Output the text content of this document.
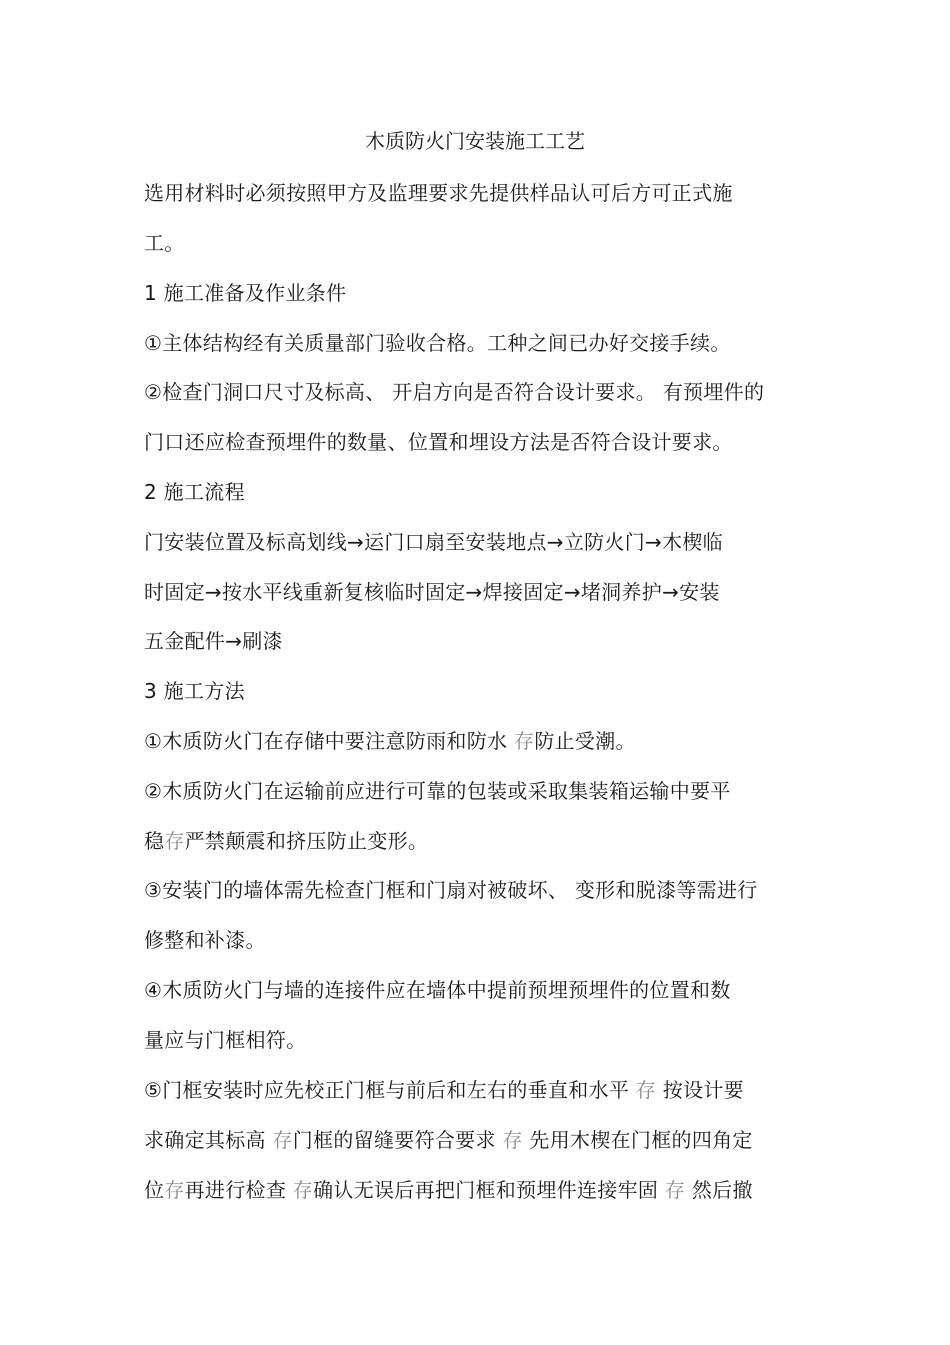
木质防火门安装施工工艺
选用材料时必须按照甲方及监理要求先提供样品认可后方可正式施
工。
1 施工准备及作业条件
①主体结构经有关质量部门验收合格。工种之间已办好交接手续。
②检查门洞口尺寸及标高、 开启方向是否符合设计要求。 有预埋件的
门口还应检查预埋件的数量、位置和埋设方法是否符合设计要求。
2 施工流程
门安装位置及标高划线→运门口扇至安装地点→立防火门→木楔临
时固定→按水平线重新复核临时固定→焊接固定→堵洞养护→安装
五金配件→刷漆
3 施工方法
①木质防火门在存储中要注意防雨和防水 存防止受潮。
②木质防火门在运输前应进行可靠的包装或采取集装箱运输中要平
稳存严禁颠震和挤压防止变形。
③安装门的墙体需先检查门框和门扇对被破坏、 变形和脱漆等需进行
修整和补漆。
④木质防火门与墙的连接件应在墙体中提前预埋预埋件的位置和数
量应与门框相符。
⑤门框安装时应先校正门框与前后和左右的垂直和水平 存 按设计要
求确定其标高 存门框的留缝要符合要求 存 先用木楔在门框的四角定
位存再进行检查 存确认无误后再把门框和预埋件连接牢固 存 然后撤
